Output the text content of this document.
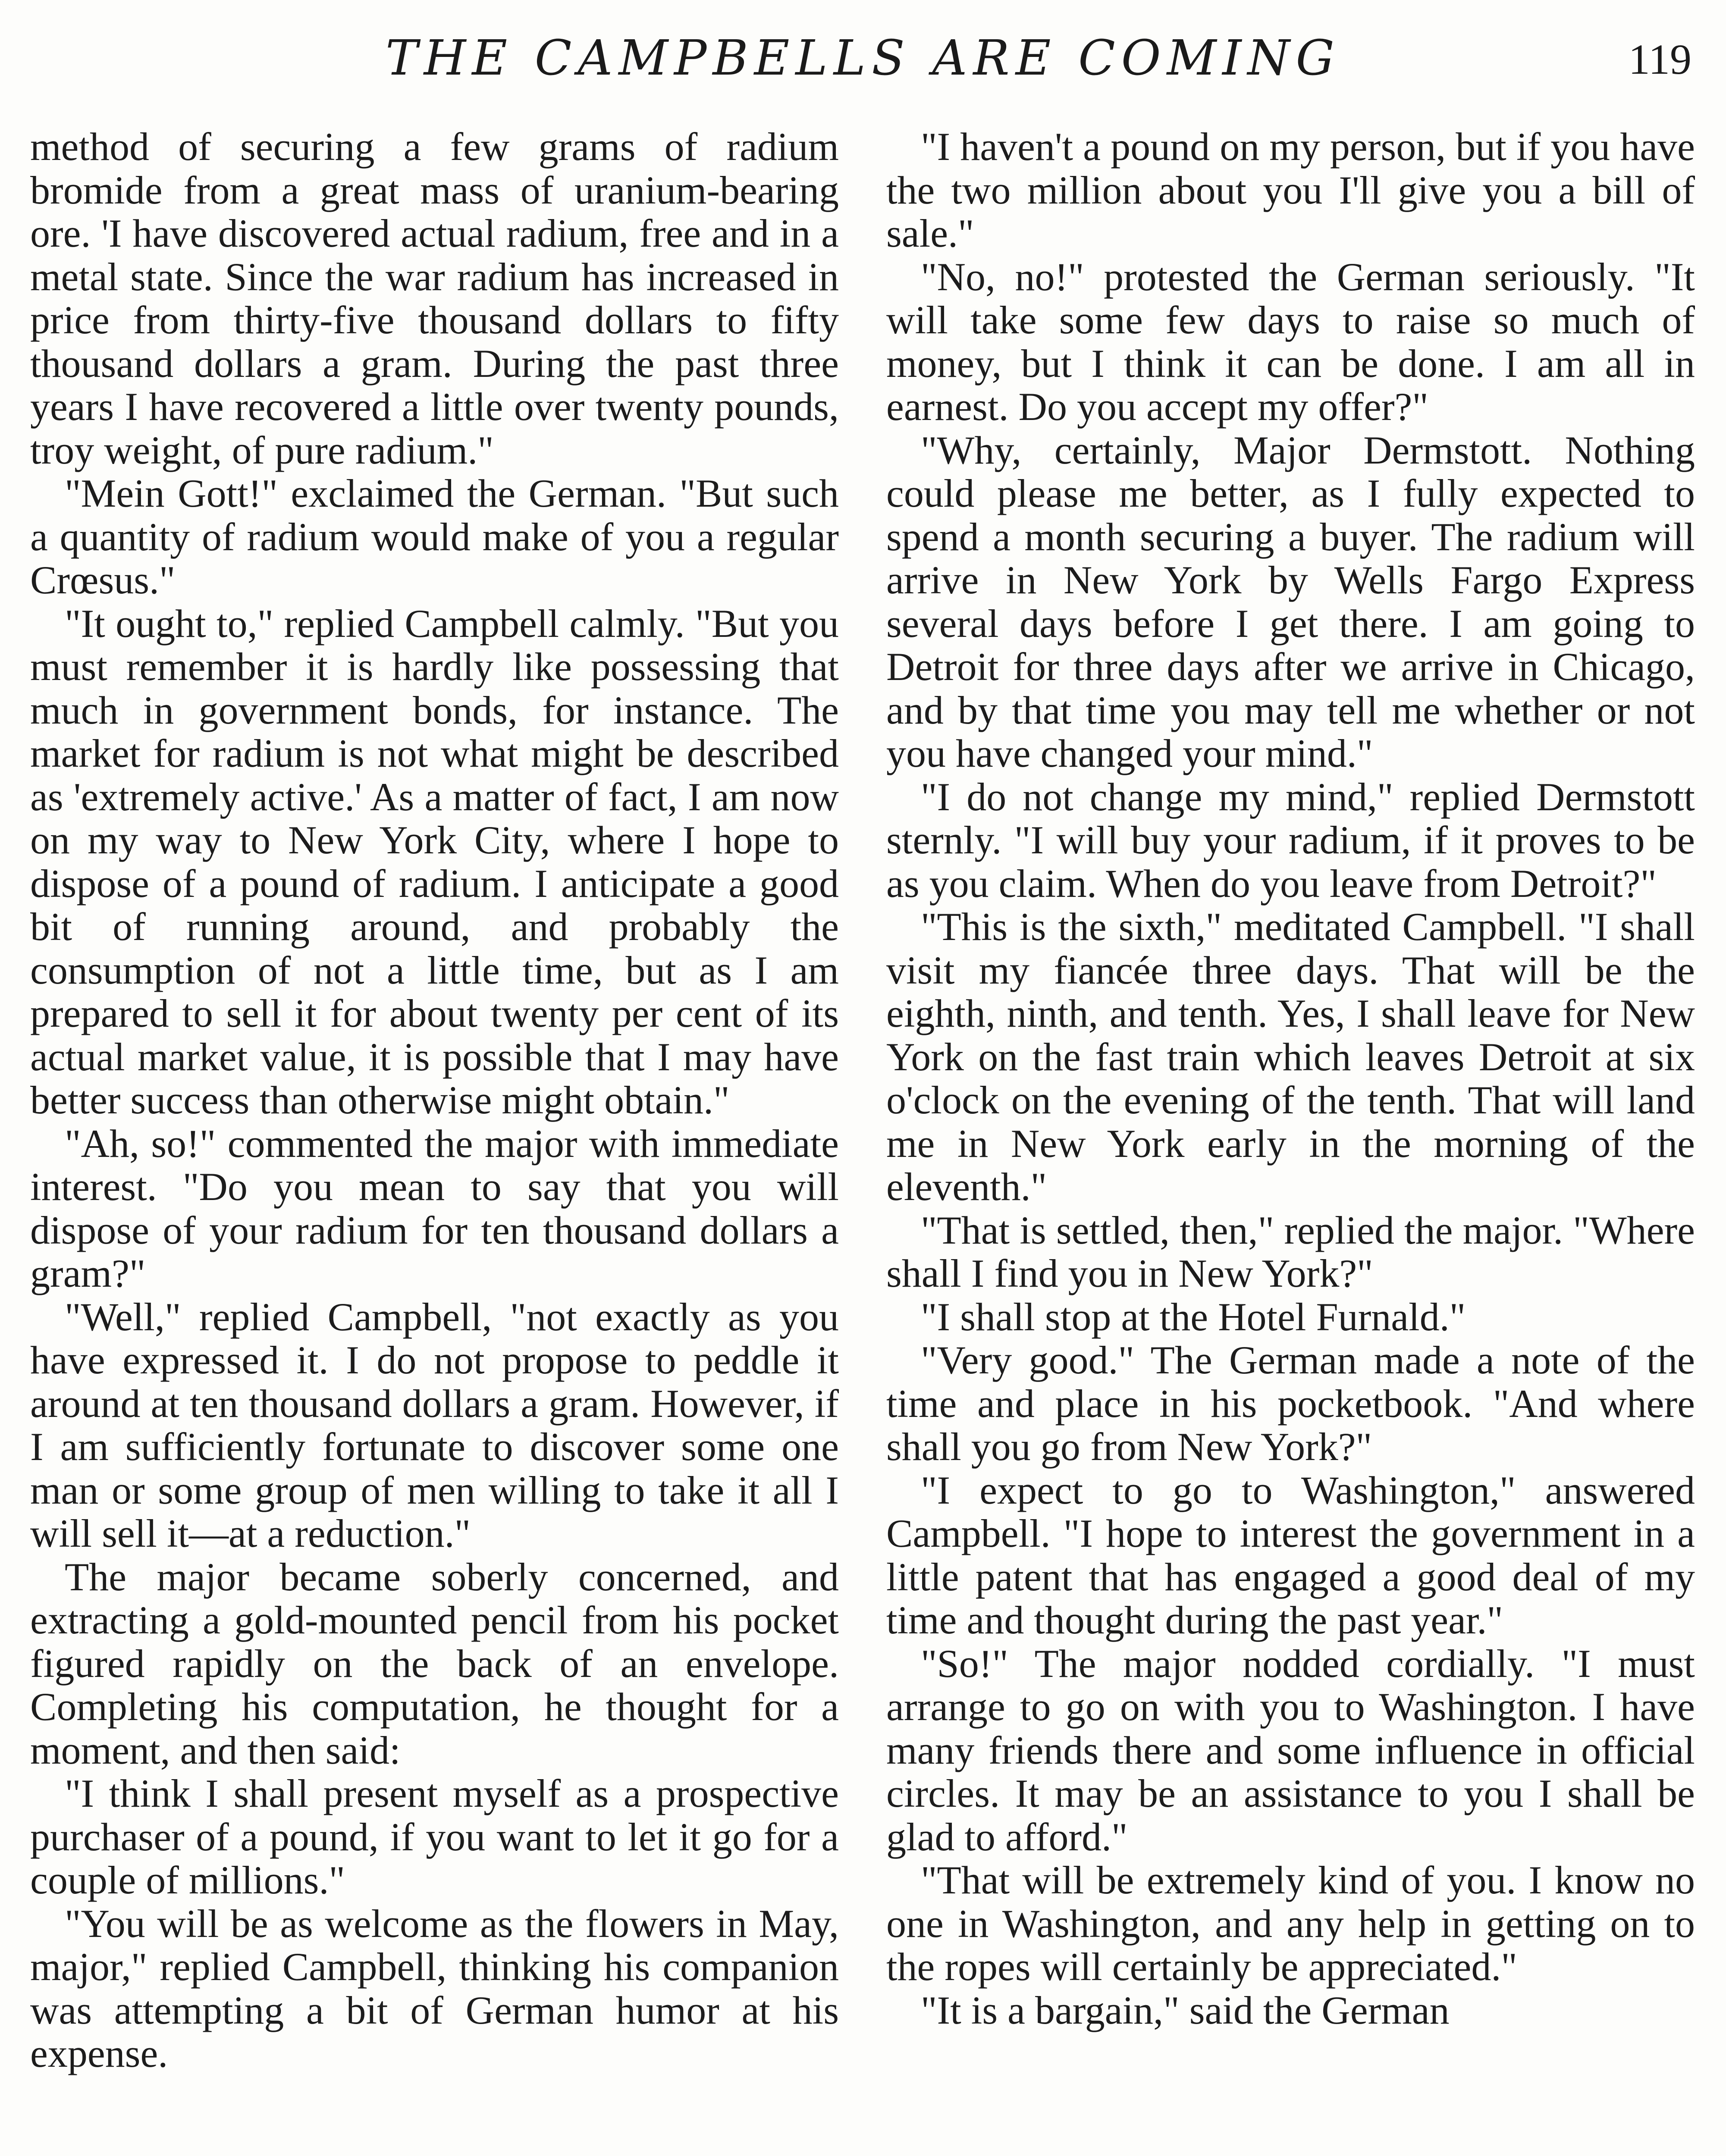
THE CAMPBELLS ARE COMING	119

method of securing a few grams of radium bromide from a great mass of uranium-bearing ore. 'I have discovered actual radium, free and in a metal state. Since the war radium has increased in price from thirty-five thousand dollars to fifty thousand dollars a gram. During the past three years I have recovered a little over twenty pounds, troy weight, of pure radium."

"Mein Gott!" exclaimed the German. "But such a quantity of radium would make of you a regular Crœsus."

"It ought to," replied Campbell calmly. "But you must remember it is hardly like possessing that much in government bonds, for instance. The market for radium is not what might be described as 'extremely active.' As a matter of fact, I am now on my way to New York City, where I hope to dispose of a pound of radium. I anticipate a good bit of running around, and probably the consumption of not a little time, but as I am prepared to sell it for about twenty per cent of its actual market value, it is possible that I may have better success than otherwise might obtain."

"Ah, so!" commented the major with immediate interest. "Do you mean to say that you will dispose of your radium for ten thousand dollars a gram?"

"Well," replied Campbell, "not exactly as you have expressed it. I do not propose to peddle it around at ten thousand dollars a gram. However, if I am sufficiently fortunate to discover some one man or some group of men willing to take it all I will sell it—at a reduction."

The major became soberly concerned, and extracting a gold-mounted pencil from his pocket figured rapidly on the back of an envelope. Completing his computation, he thought for a moment, and then said:

"I think I shall present myself as a prospective purchaser of a pound, if you want to let it go for a couple of millions."

"You will be as welcome as the flowers in May, major," replied Campbell, thinking his companion was attempting a bit of German humor at his expense.

"I haven't a pound on my person, but if you have the two million about you I'll give you a bill of sale."

"No, no!" protested the German seriously. "It will take some few days to raise so much of money, but I think it can be done. I am all in earnest. Do you accept my offer?"

"Why, certainly, Major Dermstott. Nothing could please me better, as I fully expected to spend a month securing a buyer. The radium will arrive in New York by Wells Fargo Express several days before I get there. I am going to Detroit for three days after we arrive in Chicago, and by that time you may tell me whether or not you have changed your mind."

"I do not change my mind," replied Dermstott sternly. "I will buy your radium, if it proves to be as you claim. When do you leave from Detroit?"

"This is the sixth," meditated Campbell. "I shall visit my fiancée three days. That will be the eighth, ninth, and tenth. Yes, I shall leave for New York on the fast train which leaves Detroit at six o'clock on the evening of the tenth. That will land me in New York early in the morning of the eleventh."

"That is settled, then," replied the major. "Where shall I find you in New York?"

"I shall stop at the Hotel Furnald."

"Very good." The German made a note of the time and place in his pocketbook. "And where shall you go from New York?"

"I expect to go to Washington," answered Campbell. "I hope to interest the government in a little patent that has engaged a good deal of my time and thought during the past year."

"So!" The major nodded cordially. "I must arrange to go on with you to Washington. I have many friends there and some influence in official circles. It may be an assistance to you I shall be glad to afford."

"That will be extremely kind of you. I know no one in Washington, and any help in getting on to the ropes will certainly be appreciated."

"It is a bargain," said the German
